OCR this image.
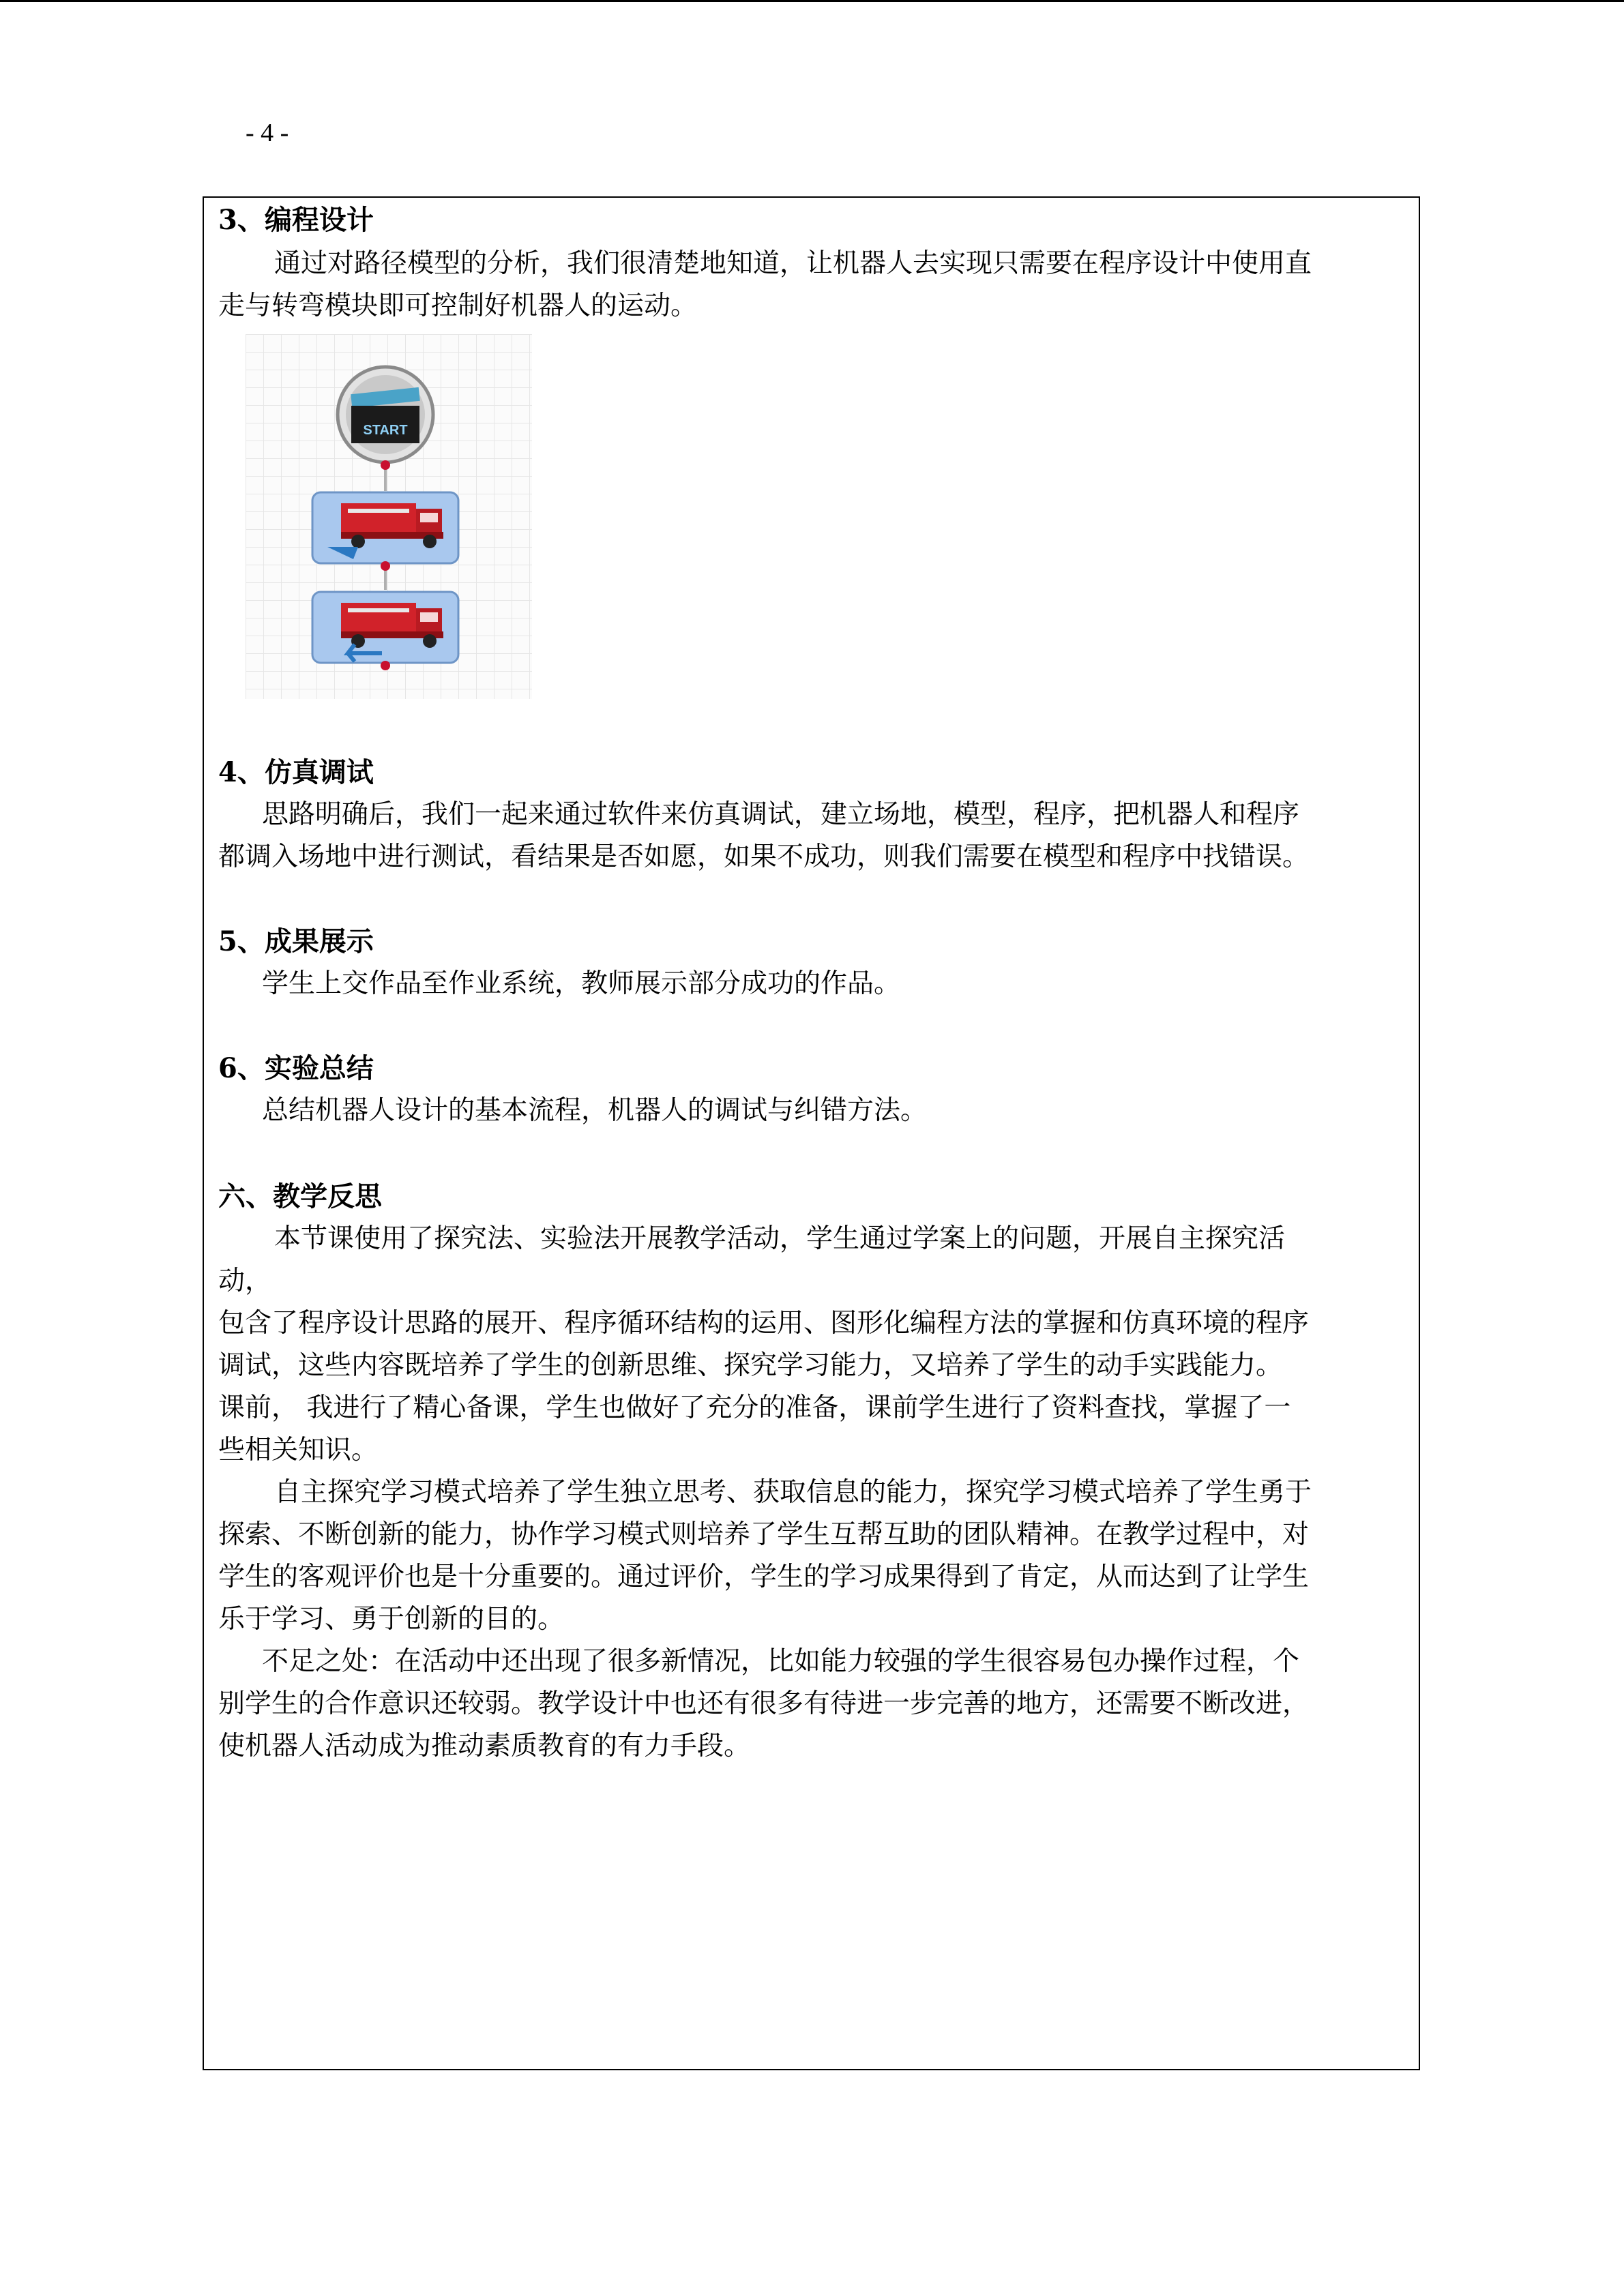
- 4 -
3、编程设计
通过对路径模型的分析，我们很清楚地知道，让机器人去实现只需要在程序设计中使用直
走与转弯模块即可控制好机器人的运动。
START
4、仿真调试
思路明确后，我们一起来通过软件来仿真调试，建立场地，模型，程序，把机器人和程序
都调入场地中进行测试，看结果是否如愿，如果不成功，则我们需要在模型和程序中找错误。
5、成果展示
学生上交作品至作业系统，教师展示部分成功的作品。
6、实验总结
总结机器人设计的基本流程，机器人的调试与纠错方法。
六、教学反思
本节课使用了探究法、实验法开展教学活动，学生通过学案上的问题，开展自主探究活
动，
包含了程序设计思路的展开、程序循环结构的运用、图形化编程方法的掌握和仿真环境的程序
调试，这些内容既培养了学生的创新思维、探究学习能力，又培养了学生的动手实践能力。
课前， 我进行了精心备课，学生也做好了充分的准备，课前学生进行了资料查找，掌握了一
些相关知识。
自主探究学习模式培养了学生独立思考、获取信息的能力，探究学习模式培养了学生勇于
探索、不断创新的能力，协作学习模式则培养了学生互帮互助的团队精神。在教学过程中，对
学生的客观评价也是十分重要的。通过评价，学生的学习成果得到了肯定，从而达到了让学生
乐于学习、勇于创新的目的。
不足之处：在活动中还出现了很多新情况，比如能力较强的学生很容易包办操作过程，个
别学生的合作意识还较弱。教学设计中也还有很多有待进一步完善的地方，还需要不断改进，
使机器人活动成为推动素质教育的有力手段。
